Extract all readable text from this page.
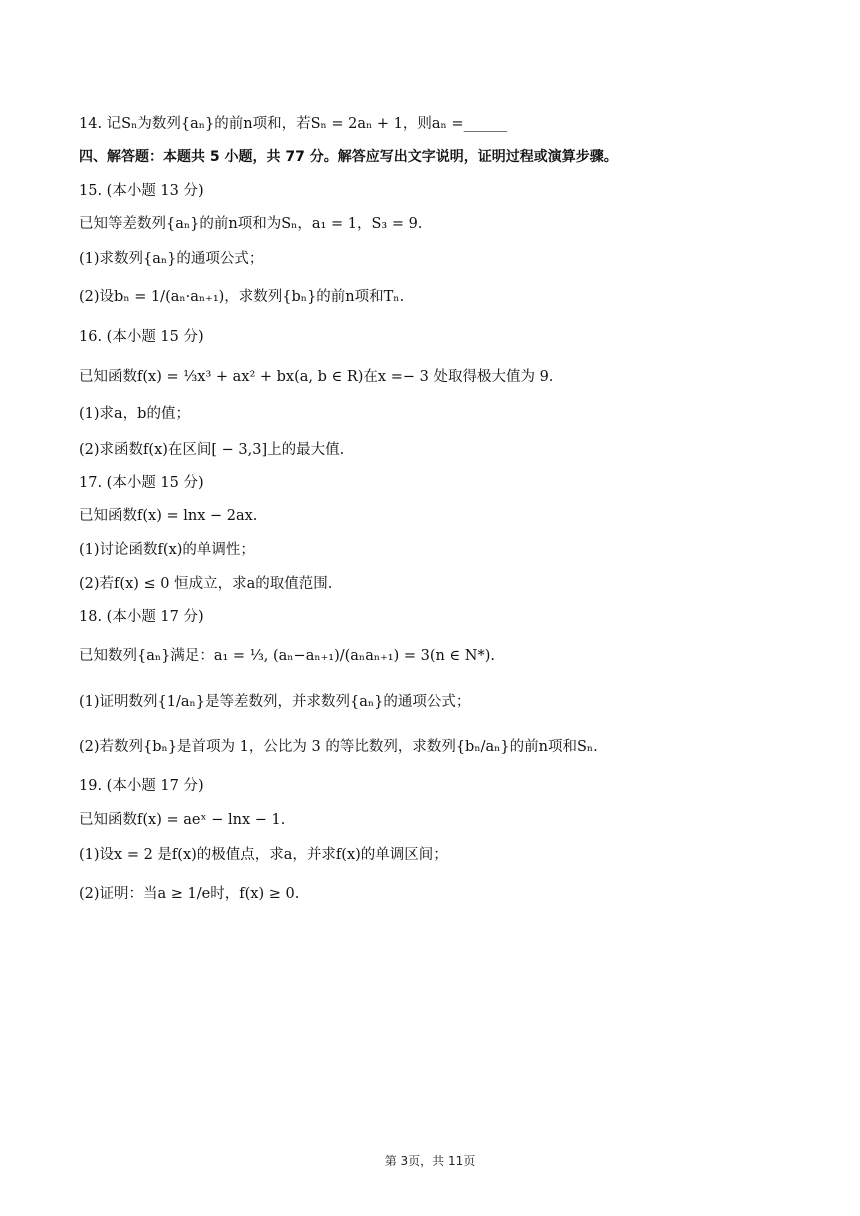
14. 记Sₙ为数列{aₙ}的前n项和，若Sₙ = 2aₙ + 1，则aₙ =______
四、解答题：本题共 5 小题，共 77 分。解答应写出文字说明，证明过程或演算步骤。
15. (本小题 13 分)
已知等差数列{aₙ}的前n项和为Sₙ，a₁ = 1，S₃ = 9.
(1)求数列{aₙ}的通项公式；
(2)设bₙ = 1/(aₙ·aₙ₊₁)，求数列{bₙ}的前n项和Tₙ.
16. (本小题 15 分)
已知函数f(x) = ⅓x³ + ax² + bx(a, b ∈ R)在x =− 3 处取得极大值为 9.
(1)求a，b的值；
(2)求函数f(x)在区间[ − 3,3]上的最大值.
17. (本小题 15 分)
已知函数f(x) = lnx − 2ax.
(1)讨论函数f(x)的单调性；
(2)若f(x) ≤ 0 恒成立，求a的取值范围.
18. (本小题 17 分)
已知数列{aₙ}满足：a₁ = ⅓, (aₙ−aₙ₊₁)/(aₙaₙ₊₁) = 3(n ∈ N*).
(1)证明数列{1/aₙ}是等差数列，并求数列{aₙ}的通项公式；
(2)若数列{bₙ}是首项为 1，公比为 3 的等比数列，求数列{bₙ/aₙ}的前n项和Sₙ.
19. (本小题 17 分)
已知函数f(x) = aeˣ − lnx − 1.
(1)设x = 2 是f(x)的极值点，求a，并求f(x)的单调区间；
(2)证明：当a ≥ 1/e时，f(x) ≥ 0.
第 3页，共 11页
